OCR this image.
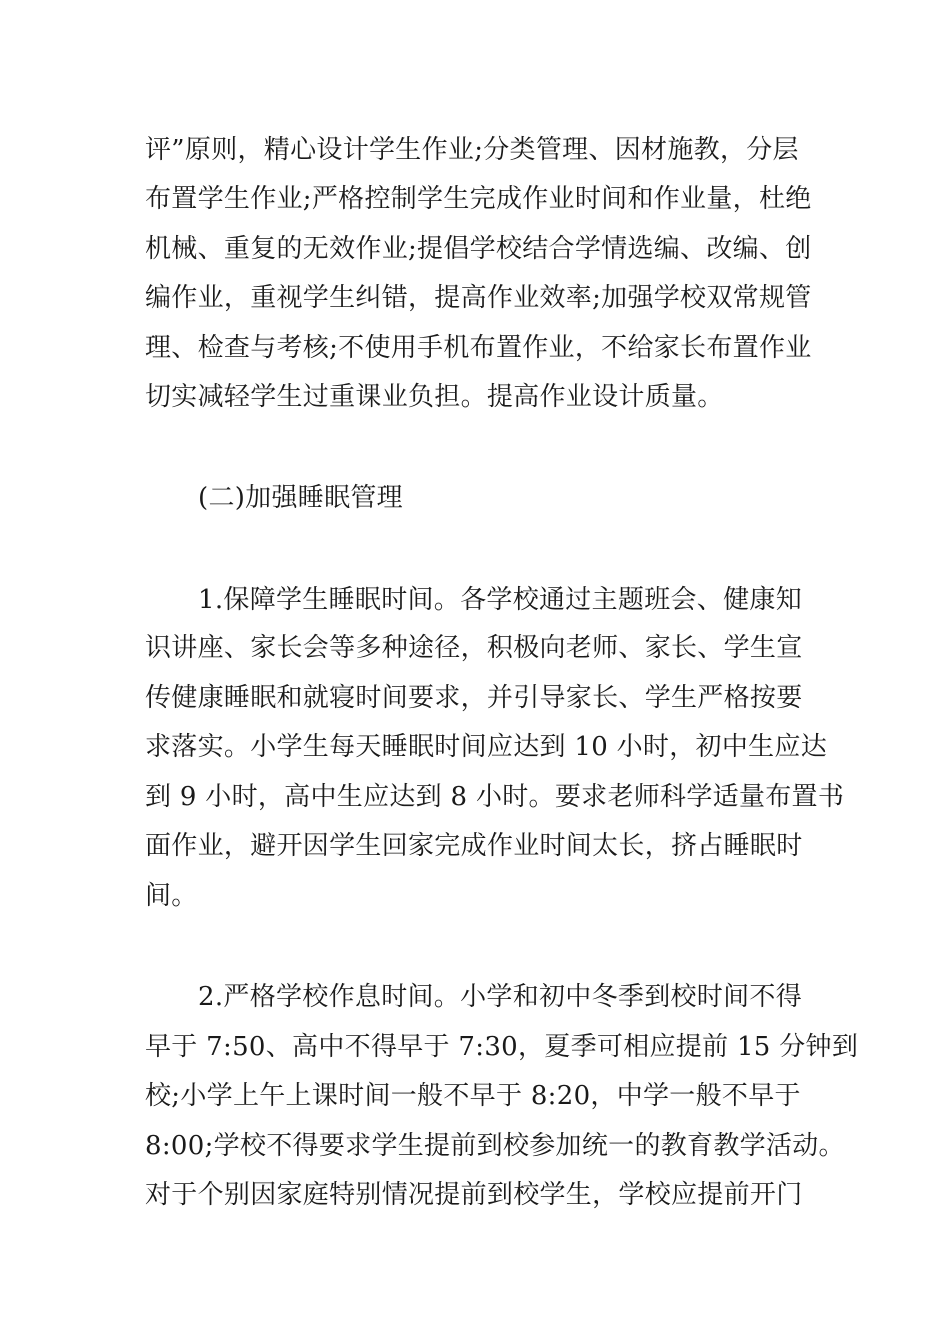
评”原则，精心设计学生作业;分类管理、因材施教，分层
布置学生作业;严格控制学生完成作业时间和作业量，杜绝
机械、重复的无效作业;提倡学校结合学情选编、改编、创
编作业，重视学生纠错，提高作业效率;加强学校双常规管
理、检查与考核;不使用手机布置作业，不给家长布置作业
切实减轻学生过重课业负担。提高作业设计质量。
(二)加强睡眠管理
1.保障学生睡眠时间。各学校通过主题班会、健康知
识讲座、家长会等多种途径，积极向老师、家长、学生宣
传健康睡眠和就寝时间要求，并引导家长、学生严格按要
求落实。小学生每天睡眠时间应达到 10 小时，初中生应达
到 9 小时，高中生应达到 8 小时。要求老师科学适量布置书
面作业，避开因学生回家完成作业时间太长，挤占睡眠时
间。
2.严格学校作息时间。小学和初中冬季到校时间不得
早于 7:50、高中不得早于 7:30，夏季可相应提前 15 分钟到
校;小学上午上课时间一般不早于 8:20，中学一般不早于
8:00;学校不得要求学生提前到校参加统一的教育教学活动。
对于个别因家庭特别情况提前到校学生，学校应提前开门
